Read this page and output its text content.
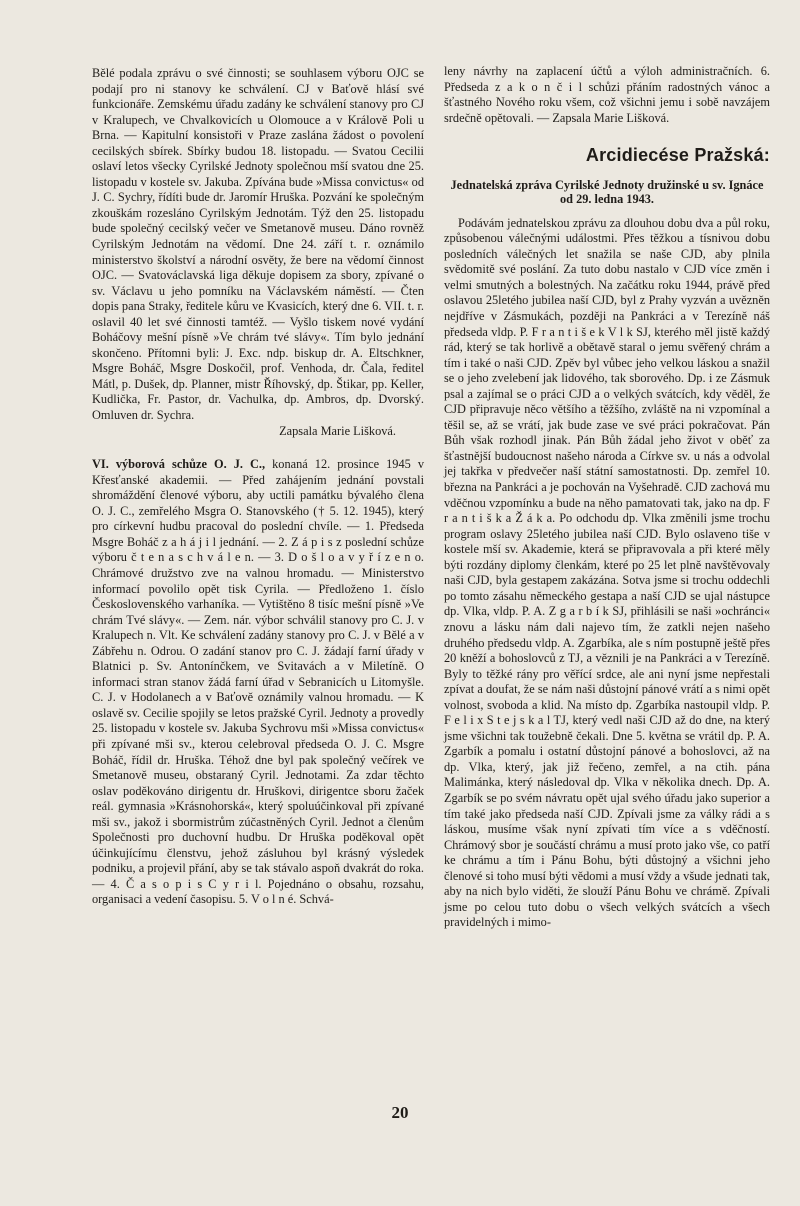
Bělé podala zprávu o své činnosti; se souhlasem výboru OJC se podají pro ni stanovy ke schválení. CJ v Baťově hlásí své funkcionáře. Zemskému úřadu zadány ke schválení stanovy pro CJ v Kralupech, ve Chvalkovicích u Olomouce a v Králově Poli u Brna. — Kapitulní konsistoři v Praze zaslána žádost o povolení cecilských sbírek. Sbírky budou 18. listopadu. — Svatou Cecilii oslaví letos všecky Cyrilské Jednoty společnou mší svatou dne 25. listopadu v kostele sv. Jakuba. Zpívána bude »Missa convictus« od J. C. Sychry, řídíti bude dr. Jaromír Hruška. Pozvání ke společným zkouškám rozesláno Cyrilským Jednotám. Týž den 25. listopadu bude společný cecilský večer ve Smetanově museu. Dáno rovněž Cyrilským Jednotám na vědomí. Dne 24. září t. r. oznámilo ministerstvo školství a národní osvěty, že bere na vědomí činnost OJC. — Svatováclavská liga děkuje dopisem za sbory, zpívané o sv. Václavu u jeho pomníku na Václavském náměstí. — Čten dopis pana Straky, ředitele kůru ve Kvasicích, který dne 6. VII. t. r. oslavil 40 let své činnosti tamtéž. — Vyšlo tiskem nové vydání Boháčovy mešní písně »Ve chrám tvé slávy«. Tím bylo jednání skončeno. Přítomni byli: J. Exc. ndp. biskup dr. A. Eltschkner, Msgre Boháč, Msgre Doskočil, prof. Venhoda, dr. Čala, ředitel Mátl, p. Dušek, dp. Planner, mistr Říhovský, dp. Štikar, pp. Keller, Kudlička, Fr. Pastor, dr. Vachulka, dp. Ambros, dp. Dvorský. Omluven dr. Sychra.

Zapsala Marie Lišková.

VI. výborová schůze O. J. C., konaná 12. prosince 1945 v Křesťanské akademii. — Před zahájením jednání povstali shromáždění členové výboru, aby uctili památku bývalého člena O. J. C., zemřelého Msgra O. Stanovského († 5. 12. 1945), který pro církevní hudbu pracoval do poslední chvíle. — 1. Předseda Msgre Boháč z a h á j i l jednání. — 2. Z á p i s z poslední schůze výboru č t e n a s c h v á l e n. — 3. D o š l o a v y ř í z e n o. Chrámové družstvo zve na valnou hromadu. — Ministerstvo informací povolilo opět tisk Cyrila. — Předloženo 1. číslo Československého varhaníka. — Vytištěno 8 tisíc mešní písně »Ve chrám Tvé slávy«. — Zem. nár. výbor schválil stanovy pro C. J. v Kralupech n. Vlt. Ke schválení zadány stanovy pro C. J. v Bělé a v Zábřehu n. Odrou. O zadání stanov pro C. J. žádají farní úřady v Blatnici p. Sv. Antonínčkem, ve Svitavách a v Miletíně. O informaci stran stanov žádá farní úřad v Sebranicích u Litomyšle. C. J. v Hodolanech a v Baťově oznámily valnou hromadu. — K oslavě sv. Cecilie spojily se letos pražské Cyril. Jednoty a provedly 25. listopadu v kostele sv. Jakuba Sychrovu mši »Missa convictus« při zpívané mši sv., kterou celebroval předseda O. J. C. Msgre Boháč, řídil dr. Hruška. Téhož dne byl pak společný večírek ve Smetanově museu, obstaraný Cyril. Jednotami. Za zdar těchto oslav poděkováno dirigentu dr. Hruškovi, dirigentce sboru žaček reál. gymnasia »Krásnohorská«, který spoluúčinkoval při zpívané mši sv., jakož i sbormistrům zúčastněných Cyril. Jednot a členům Společnosti pro duchovní hudbu. Dr Hruška poděkoval opět účinkujícímu členstvu, jehož zásluhou byl krásný výsledek podniku, a projevil přání, aby se tak stávalo aspoň dvakrát do roka. — 4. Č a s o p i s C y r i l. Pojednáno o obsahu, rozsahu, organisaci a vedení časopisu. 5. V o l n é. Schvá-

leny návrhy na zaplacení účtů a výloh administračních. 6. Předseda z a k o n č i l schůzi přáním radostných vánoc a šťastného Nového roku všem, což všichni jemu i sobě navzájem srdečně opětovali. — Zapsala Marie Lišková.

Arcidiecése Pražská:
Jednatelská zpráva Cyrilské Jednoty družinské u sv. Ignáce od 29. ledna 1943.

Podávám jednatelskou zprávu za dlouhou dobu dva a půl roku, způsobenou válečnými událostmi. Přes těžkou a tísnivou dobu posledních válečných let snažila se naše CJD, aby plnila svědomitě své poslání. Za tuto dobu nastalo v CJD více změn i velmi smutných a bolestných. Na začátku roku 1944, právě před oslavou 25letého jubilea naší CJD, byl z Prahy vyzván a uvězněn nejdříve v Zásmukách, později na Pankráci a v Terezíně náš předseda vldp. P. F r a n t i š e k V l k SJ, kterého měl jistě každý rád, který se tak horlivě a obětavě staral o jemu svěřený chrám a tím i také o naši CJD. Zpěv byl vůbec jeho velkou láskou a snažil se o jeho zvelebení jak lidového, tak sborového. Dp. i ze Zásmuk psal a zajímal se o práci CJD a o velkých svátcích, kdy věděl, že CJD připravuje něco většího a těžšího, zvláště na ni vzpomínal a těšil se, až se vrátí, jak bude zase ve své práci pokračovat. Pán Bůh však rozhodl jinak. Pán Bůh žádal jeho život v oběť za šťastnější budoucnost našeho národa a Církve sv. u nás a odvolal jej takřka v předvečer naší státní samostatnosti. Dp. zemřel 10. března na Pankráci a je pochován na Vyšehradě. CJD zachová mu vděčnou vzpomínku a bude na něho pamatovati tak, jako na dp. F r a n t i š k a Ž á k a. Po odchodu dp. Vlka změnili jsme trochu program oslavy 25letého jubilea naší CJD. Bylo oslaveno tiše v kostele mší sv. Akademie, která se připravovala a při které měly býti rozdány diplomy členkám, které po 25 let plně navštěvovaly naši CJD, byla gestapem zakázána. Sotva jsme si trochu oddechli po tomto zásahu německého gestapa a naší CJD se ujal nástupce dp. Vlka, vldp. P. A. Z g a r b í k SJ, přihlásili se naši »ochránci« znovu a lásku nám dali najevo tím, že zatkli nejen našeho druhého předsedu vldp. A. Zgarbíka, ale s ním postupně ještě přes 20 kněží a bohoslovců z TJ, a věznili je na Pankráci a v Terezíně. Byly to těžké rány pro věřící srdce, ale ani nyní jsme nepřestali zpívat a doufat, že se nám naši důstojní pánové vrátí a s nimi opět volnost, svoboda a klid. Na místo dp. Zgarbíka nastoupil vldp. P. F e l i x S t e j s k a l TJ, který vedl naši CJD až do dne, na který jsme všichni tak toužebně čekali. Dne 5. května se vrátil dp. P. A. Zgarbík a pomalu i ostatní důstojní pánové a bohoslovci, až na dp. Vlka, který, jak již řečeno, zemřel, a na ctih. pána Malimánka, který následoval dp. Vlka v několika dnech. Dp. A. Zgarbík se po svém návratu opět ujal svého úřadu jako superior a tím také jako předseda naší CJD. Zpívali jsme za války rádi a s láskou, musíme však nyní zpívati tím více a s vděčností. Chrámový sbor je součástí chrámu a musí proto jako vše, co patří ke chrámu a tím i Pánu Bohu, býti důstojný a všichni jeho členové si toho musí býti vědomi a musí vždy a všude jednati tak, aby na nich bylo viděti, že slouží Pánu Bohu ve chrámě. Zpívali jsme po celou tuto dobu o všech velkých svátcích a všech pravidelných i mimo-

20
